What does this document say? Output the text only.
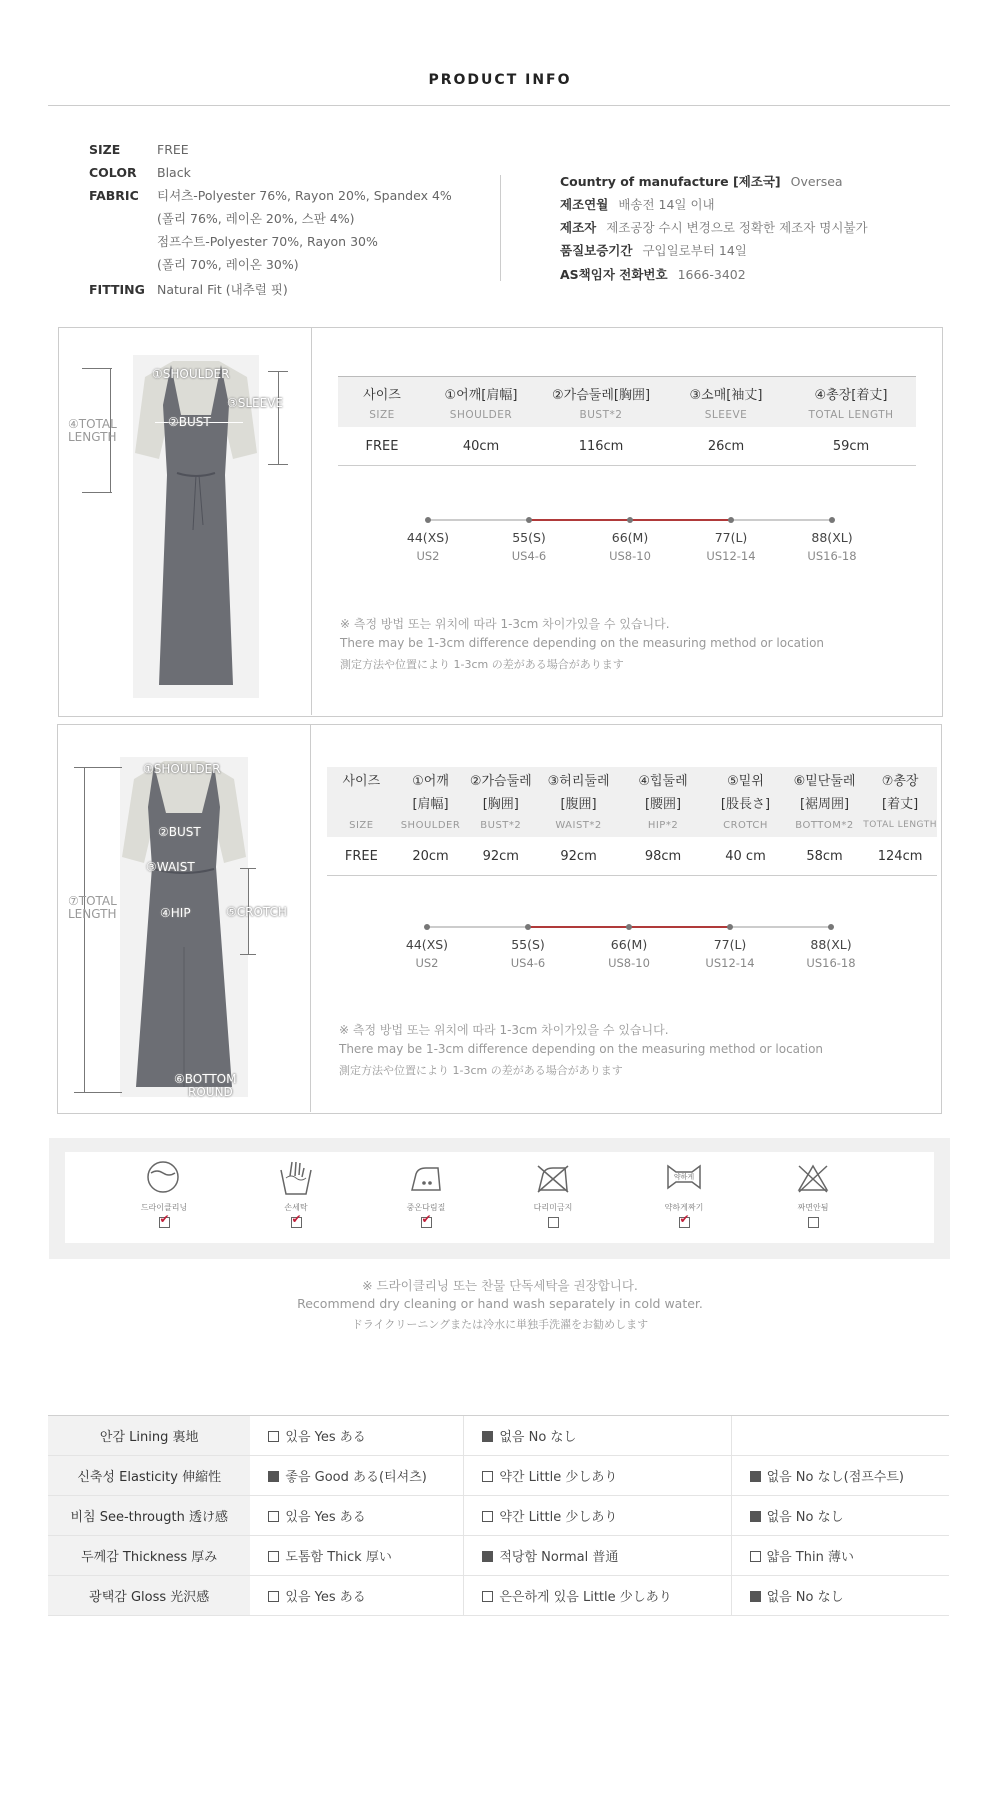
PRODUCT INFO
SIZE	FREE
COLOR Black
FABRIC 티셔츠-Polyester 76%, Rayon 20%, Spandex 4%
(폴리 76%, 레이온 20%, 스판 4%)
점프수트-Polyester 70%, Rayon 30%
(폴리 70%, 레이온 30%)
FITTING Natural Fit (내추럴 핏)
Country of manufacture [제조국] Oversea
제조연월 배송전 14일 이내
제조자 제조공장 수시 변경으로 정확한 제조자 명시불가
품질보증기간 구입일로부터 14일
AS책임자 전화번호 1666-3402
①SHOULDER
②BUST
③SLEEVE
④TOTAL
LENGTH
사이즈	①어깨[肩幅]	②가슴둘레[胸囲]	③소매[袖丈]	④총장[着丈]
SIZE	SHOULDER	BUST*2	SLEEVE	TOTAL LENGTH
FREE	40cm	116cm	26cm	59cm
44(XS)
US2
55(S)
US4-6
66(M)
US8-10
77(L)
US12-14
88(XL)
US16-18
※ 측정 방법 또는 위치에 따라 1-3cm 차이가있을 수 있습니다.
There may be 1-3cm difference depending on the measuring method or location
測定方法や位置により 1-3cm の差がある場合があります
①SHOULDER
②BUST
③WAIST
④HIP	⑤CROTCH
⑥BOTTOM
ROUND
⑦TOTAL
LENGTH
사이즈	①어깨	②가슴둘레	③허리둘레	④힙둘레	⑤밑위	⑥밑단둘레	⑦총장
	[肩幅]	[胸囲]	[腹囲]	[腰囲]	[股長さ]	[裾周囲]	[着丈]
SIZE	SHOULDER	BUST*2	WAIST*2	HIP*2	CROTCH	BOTTOM*2	TOTAL LENGTH
FREE	20cm	92cm	92cm	98cm	40 cm	58cm	124cm
44(XS)
US2
55(S)
US4-6
66(M)
US8-10
77(L)
US12-14
88(XL)
US16-18
※ 측정 방법 또는 위치에 따라 1-3cm 차이가있을 수 있습니다.
There may be 1-3cm difference depending on the measuring method or location
測定方法や位置により 1-3cm の差がある場合があります
드라이클리닝
✔
손세탁
✔
중온다림질
✔
다리미금지
약하게
약하게짜기
✔
짜면안됨
※ 드라이클리닝 또는 찬물 단독세탁을 권장합니다.
Recommend dry cleaning or hand wash separately in cold water.
ドライクリーニングまたは冷水に単独手洗濯をお勧めします
안감 Lining 裏地	있음 Yes ある	없음 No なし	
신축성 Elasticity 伸縮性	좋음 Good ある(티셔츠)	약간 Little 少しあり	없음 No なし(점프수트)
비침 See-througth 透け感	있음 Yes ある	약간 Little 少しあり	없음 No なし
두께감 Thickness 厚み	도톰함 Thick 厚い	적당함 Normal 普通	얇음 Thin 薄い
광택감 Gloss 光沢感	있음 Yes ある	은은하게 있음 Little 少しあり	없음 No なし
